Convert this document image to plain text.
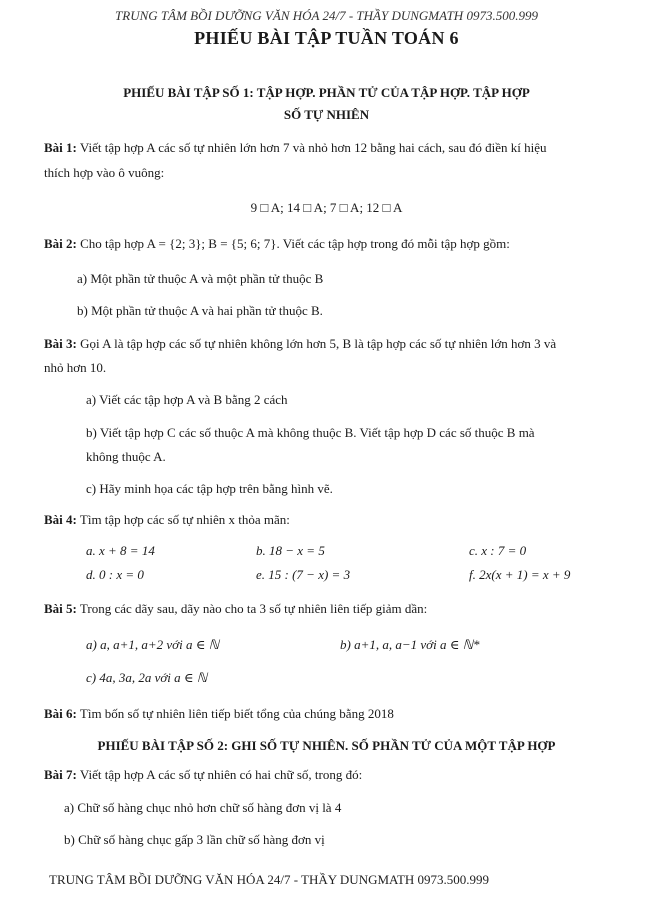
TRUNG TÂM BỒI DƯỠNG VĂN HÓA 24/7 - THẦY DUNGMATH 0973.500.999
PHIẾU BÀI TẬP TUẦN TOÁN 6
PHIẾU BÀI TẬP SỐ 1: TẬP HỢP. PHẦN TỬ CỦA TẬP HỢP. TẬP HỢP
SỐ TỰ NHIÊN
Bài 1: Viết tập hợp A các số tự nhiên lớn hơn 7 và nhỏ hơn 12 bằng hai cách, sau đó điền kí hiệu
thích hợp vào ô vuông:
9 □ A; 14 □ A; 7 □ A; 12 □ A
Bài 2: Cho tập hợp A = {2; 3}; B = {5; 6; 7}. Viết các tập hợp trong đó mỗi tập hợp gồm:
a) Một phần tử thuộc A và một phần tử thuộc B
b) Một phần tử thuộc A và hai phần tử thuộc B.
Bài 3: Gọi A là tập hợp các số tự nhiên không lớn hơn 5, B là tập hợp các số tự nhiên lớn hơn 3 và
nhỏ hơn 10.
a) Viết các tập hợp A và B bằng 2 cách
b) Viết tập hợp C các số thuộc A mà không thuộc B. Viết tập hợp D các số thuộc B mà
không thuộc A.
c) Hãy minh họa các tập hợp trên bằng hình vẽ.
Bài 4: Tìm tập hợp các số tự nhiên x thỏa mãn:
a. x + 8 = 14	b. 18 − x = 5	c. x : 7 = 0
d. 0 : x = 0	e. 15 : (7 − x) = 3	f. 2x(x + 1) = x + 9
Bài 5: Trong các dãy sau, dãy nào cho ta 3 số tự nhiên liên tiếp giảm dần:
a) a, a+1, a+2 với a ∈ ℕ	b) a+1, a, a−1 với a ∈ ℕ*
c) 4a, 3a, 2a với a ∈ ℕ
Bài 6: Tìm bốn số tự nhiên liên tiếp biết tổng của chúng bằng 2018
PHIẾU BÀI TẬP SỐ 2: GHI SỐ TỰ NHIÊN. SỐ PHẦN TỬ CỦA MỘT TẬP HỢP
Bài 7: Viết tập hợp A các số tự nhiên có hai chữ số, trong đó:
a) Chữ số hàng chục nhỏ hơn chữ số hàng đơn vị là 4
b) Chữ số hàng chục gấp 3 lần chữ số hàng đơn vị
TRUNG TÂM BỒI DƯỠNG VĂN HÓA 24/7 - THẦY DUNGMATH 0973.500.999
